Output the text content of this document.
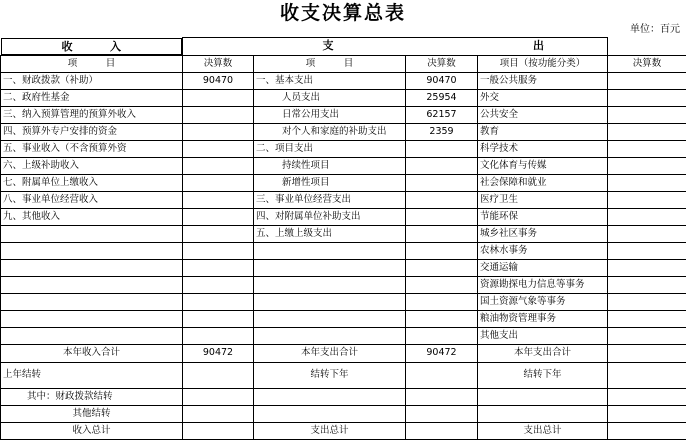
收支决算总表
单位：百元
收	入	支 出				

项　　　目	决算数	项　　　目	决算数	项目（按功能分类）	决算数
一、财政拨款（补助）	90470	一、基本支出	90470	一般公共服务	
二、政府性基金		人员支出	25954	外交	
三、纳入预算管理的预算外收入		日常公用支出	62157	公共安全	
四、预算外专户安排的资金		对个人和家庭的补助支出	2359	教育	
五、事业收入（不含预算外资		二、项目支出		科学技术	
六、上级补助收入		持续性项目		文化体育与传媒	
七、附属单位上缴收入		新增性项目		社会保障和就业	
八、事业单位经营收入		三、事业单位经营支出		医疗卫生	
九、其他收入		四、对附属单位补助支出		节能环保	
		五、上缴上级支出		城乡社区事务	
				农林水事务	
				交通运输	
				资源勘探电力信息等事务	
				国土资源气象等事务	
				粮油物资管理事务	
				其他支出	
本年收入合计	90472	本年支出合计	90472	本年支出合计	
上年结转		结转下年		结转下年	
其中：财政拨款结转					
其他结转					
收入总计		支出总计		支出总计	
